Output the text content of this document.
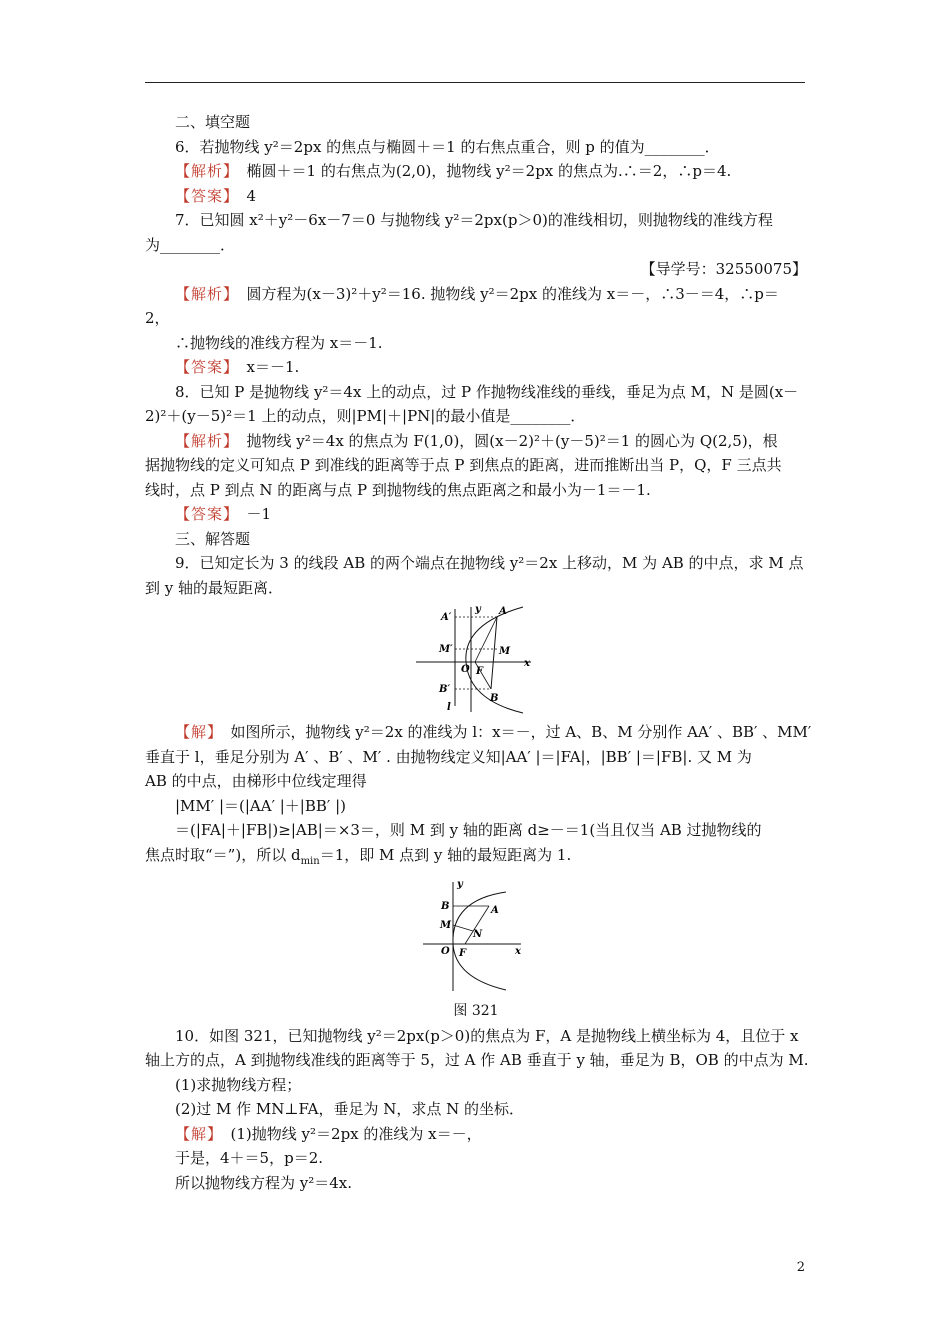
二、填空题
6．若抛物线 y²＝2px 的焦点与椭圆＋＝1 的右焦点重合，则 p 的值为________．
【解析】　 椭圆＋＝1 的右焦点为(2,0)，抛物线 y²＝2px 的焦点为.∴＝2，∴p＝4.
【答案】　 4
7．已知圆 x²＋y²－6x－7＝0 与抛物线 y²＝2px(p＞0)的准线相切，则抛物线的准线方程
为________．
【导学号：32550075】
【解析】　 圆方程为(x－3)²＋y²＝16. 抛物线 y²＝2px 的准线为 x＝－，∴3－＝4，∴p＝
2，
∴抛物线的准线方程为 x＝－1.
【答案】　 x＝－1.
8．已知 P 是抛物线 y²＝4x 上的动点，过 P 作抛物线准线的垂线，垂足为点 M，N 是圆(x－
2)²＋(y－5)²＝1 上的动点，则|PM|＋|PN|的最小值是________．
【解析】　 抛物线 y²＝4x 的焦点为 F(1,0)，圆(x－2)²＋(y－5)²＝1 的圆心为 Q(2,5)，根
据抛物线的定义可知点 P 到准线的距离等于点 P 到焦点的距离，进而推断出当 P，Q，F 三点共
线时，点 P 到点 N 的距离与点 P 到抛物线的焦点距离之和最小为－1＝－1.
【答案】　 －1
三、解答题
9．已知定长为 3 的线段 AB 的两个端点在抛物线 y²＝2x 上移动，M 为 AB 的中点，求 M 点
到 y 轴的最短距离．
A′
A
y
M′	M
O F
x
B′
B
l
【解】　 如图所示，抛物线 y²＝2x 的准线为 l：x＝－，过 A、B、M 分别作 AA′ 、BB′ 、MM′
垂直于 l，垂足分别为 A′ 、B′ 、M′ . 由抛物线定义知|AA′ |＝|FA|，|BB′ |＝|FB|. 又 M 为
AB 的中点，由梯形中位线定理得
|MM′ |＝(|AA′ |＋|BB′ |)
＝(|FA|＋|FB|)≥|AB|＝×3＝，则 M 到 y 轴的距离 d≥－＝1(当且仅当 AB 过抛物线的
焦点时取“＝”)，所以 $d_{min}=1$，即 M 点到 y 轴的最短距离为 1.
y
B	A
M
N
O F	x
图 321
10．如图 321，已知抛物线 y²＝2px(p＞0)的焦点为 F，A 是抛物线上横坐标为 4，且位于 x
轴上方的点，A 到抛物线准线的距离等于 5，过 A 作 AB 垂直于 y 轴，垂足为 B，OB 的中点为 M.
(1)求抛物线方程；
(2)过 M 作 MN⊥FA，垂足为 N，求点 N 的坐标．
【解】　 (1)抛物线 y²＝2px 的准线为 x＝－，
于是，4＋＝5，p＝2.
所以抛物线方程为 y²＝4x.
2
